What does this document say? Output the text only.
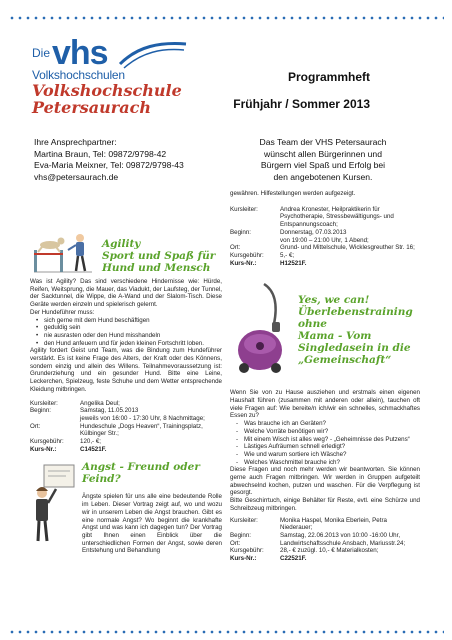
Die vhs
Volkshochschulen
Volkshochschule
Petersaurach
Programmheft
Frühjahr / Sommer 2013
Ihre Ansprechpartner:
Martina Braun, Tel: 09872/9798-42
Eva-Maria Meixner, Tel: 09872/9798-43
vhs@petersaurach.de
Das Team der VHS Petersaurach wünscht allen Bürgerinnen und Bürgern viel Spaß und Erfolg bei den angebotenen Kursen.
Agility
Sport und Spaß für
Hund und Mensch
Was ist Agility? Das sind verschiedene Hindernisse wie: Hürde, Reifen, Weitsprung, die Mauer, das Viadukt, der Laufsteg, der Tunnel, der Sacktunnel, die Wippe, die A-Wand und der Slalom-Tisch. Diese Geräte werden einzeln und spielerisch gelernt.
Der Hundeführer muss:
• sich gerne mit dem Hund beschäftigen
• geduldig sein
• nie ausrasten oder den Hund misshandeln
• den Hund anfeuern und für jeden kleinen Fortschritt loben.
Agility fordert Geist und Team, was die Bindung zum Hundeführer verstärkt. Es ist keine Frage des Alters, der Kraft oder des Könnens, sondern einzig und allein des Willens. Teilnahmevoraussetzung ist: Grunderziehung und ein gesunder Hund. Bitte eine Leine, Leckerchen, Spielzeug, feste Schuhe und dem Wetter entsprechende Kleidung mitbringen.
Kursleiter:	Angelika Deul;
Beginn:	Samstag, 11.05.2013
jeweils von 16:00 - 17:30 Uhr, 8 Nachmittage;
Ort:	Hundeschule „Dogs Heaven“, Trainingsplatz, Külbinger Str.;
Kursgebühr:	120,- €;
Kurs-Nr.:	C14521F.
Angst - Freund oder
Feind?
Ängste spielen für uns alle eine bedeutende Rolle im Leben. Dieser Vortrag zeigt auf, wo und wozu wir in unserem Leben die Angst brauchen. Gibt es eine normale Angst? Wo beginnt die krankhafte Angst und was kann ich dagegen tun? Der Vortrag gibt Ihnen einen Einblick über die unterschiedlichen Formen der Angst, sowie deren Entstehung und Behandlung
gewähren. Hilfestellungen werden aufgezeigt.
Kursleiter:	Andrea Kronester, Heilpraktikerin für Psychotherapie, Stressbewältigungs- und Entspannungscoach;
Beginn:	Donnerstag, 07.03.2013
von 19:00 – 21:00 Uhr, 1 Abend;
Ort:	Grund- und Mittelschule, Wicklesgreuther Str. 16;
Kursgebühr:	5,- €;
Kurs-Nr.:	H12521F.
Yes, we can!
Überlebenstraining ohne
Mama - Vom
Singledasein in die
„Gemeinschaft“
Wenn Sie von zu Hause ausziehen und erstmals einen eigenen Haushalt führen (zusammen mit anderen oder allein), tauchen oft viele Fragen auf: Wie bereite/n ich/wir ein schnelles, schmackhaftes Essen zu?
- Was brauche ich an Geräten?
- Welche Vorräte benötigen wir?
- Mit einem Wisch ist alles weg? - „Geheimnisse des Putzens“
- Lästiges Aufräumen schnell erledigt?
- Wie und warum sortiere ich Wäsche?
- Welches Waschmittel brauche ich?
Diese Fragen und noch mehr werden wir beantworten. Sie können gerne auch Fragen mitbringen. Wir werden in Gruppen aufgeteilt abwechselnd kochen, putzen und waschen. Für die Verpflegung ist gesorgt.
Bitte Geschirrtuch, einige Behälter für Reste, evtl. eine Schürze und Schreibzeug mitbringen.
Kursleiter:	Monika Haspel, Monika Eberlein, Petra Niederauer;
Beginn:	Samstag, 22.06.2013 von 10:00 -16:00 Uhr,
Ort:	Landwirtschaftsschule Ansbach, Mariusstr.24;
Kursgebühr:	28,- € zuzügl. 10,- € Materialkosten;
Kurs-Nr.:	C22521F.
